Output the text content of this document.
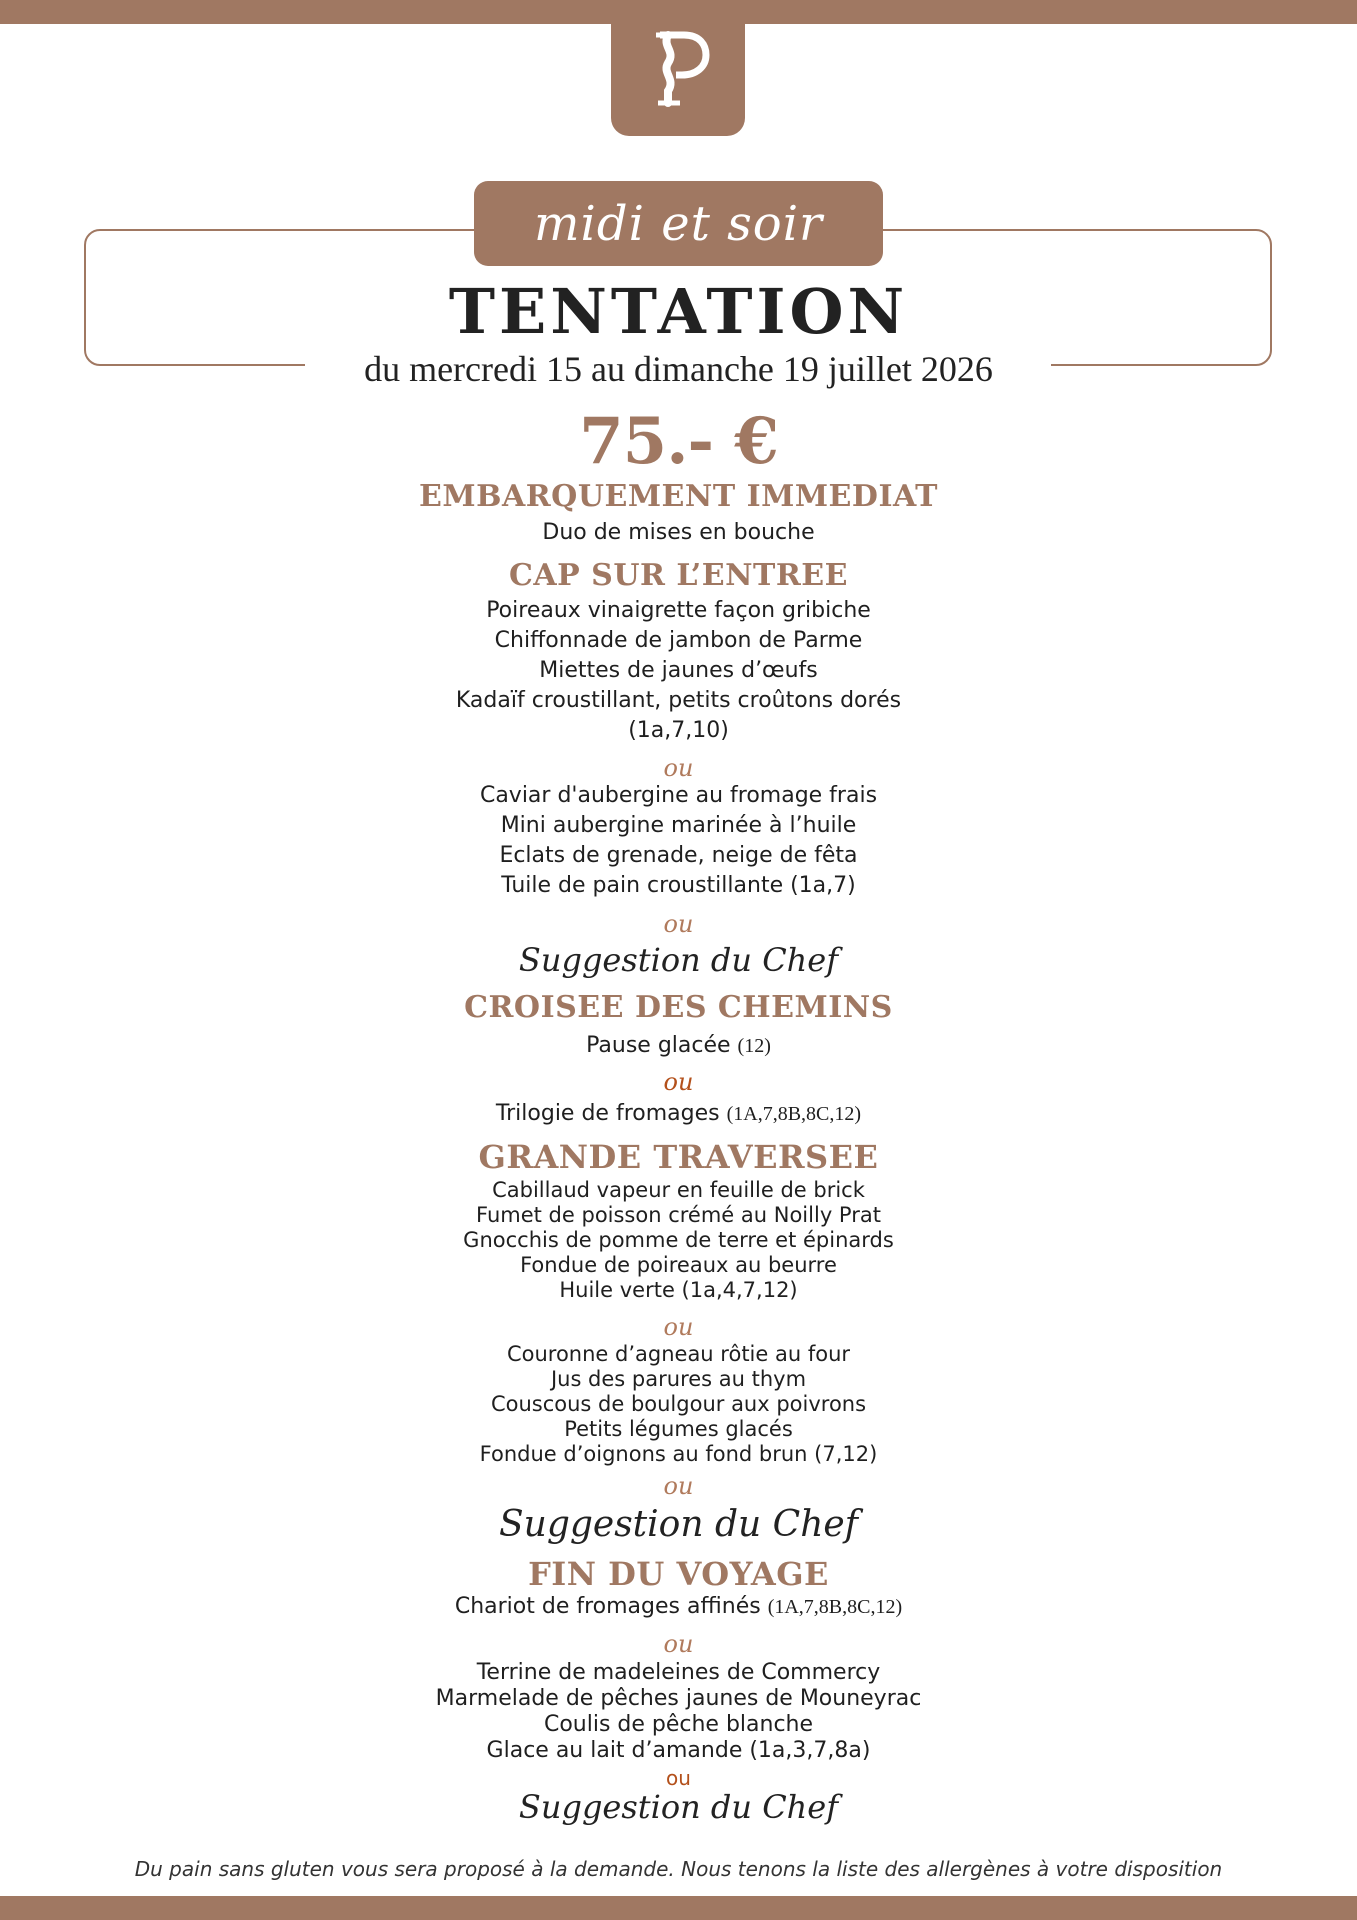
midi et soir
TENTATION
du mercredi 15 au dimanche 19 juillet 2026
75.- €
EMBARQUEMENT IMMEDIAT
Duo de mises en bouche
CAP SUR L’ENTREE
Poireaux vinaigrette façon gribiche
Chiffonnade de jambon de Parme
Miettes de jaunes d’œufs
Kadaïf croustillant, petits croûtons dorés
(1a,7,10)
ou
Caviar d'aubergine au fromage frais
Mini aubergine marinée à l’huile
Eclats de grenade, neige de fêta
Tuile de pain croustillante (1a,7)
ou
Suggestion du Chef
CROISEE DES CHEMINS
Pause glacée (12)
ou
Trilogie de fromages (1A,7,8B,8C,12)
GRANDE TRAVERSEE
Cabillaud vapeur en feuille de brick
Fumet de poisson crémé au Noilly Prat
Gnocchis de pomme de terre et épinards
Fondue de poireaux au beurre
Huile verte (1a,4,7,12)
ou
Couronne d’agneau rôtie au four
Jus des parures au thym
Couscous de boulgour aux poivrons
Petits légumes glacés
Fondue d’oignons au fond brun (7,12)
ou
Suggestion du Chef
FIN DU VOYAGE
Chariot de fromages affinés (1A,7,8B,8C,12)
ou
Terrine de madeleines de Commercy
Marmelade de pêches jaunes de Mouneyrac
Coulis de pêche blanche
Glace au lait d’amande (1a,3,7,8a)
ou
Suggestion du Chef
Du pain sans gluten vous sera proposé à la demande. Nous tenons la liste des allergènes à votre disposition
